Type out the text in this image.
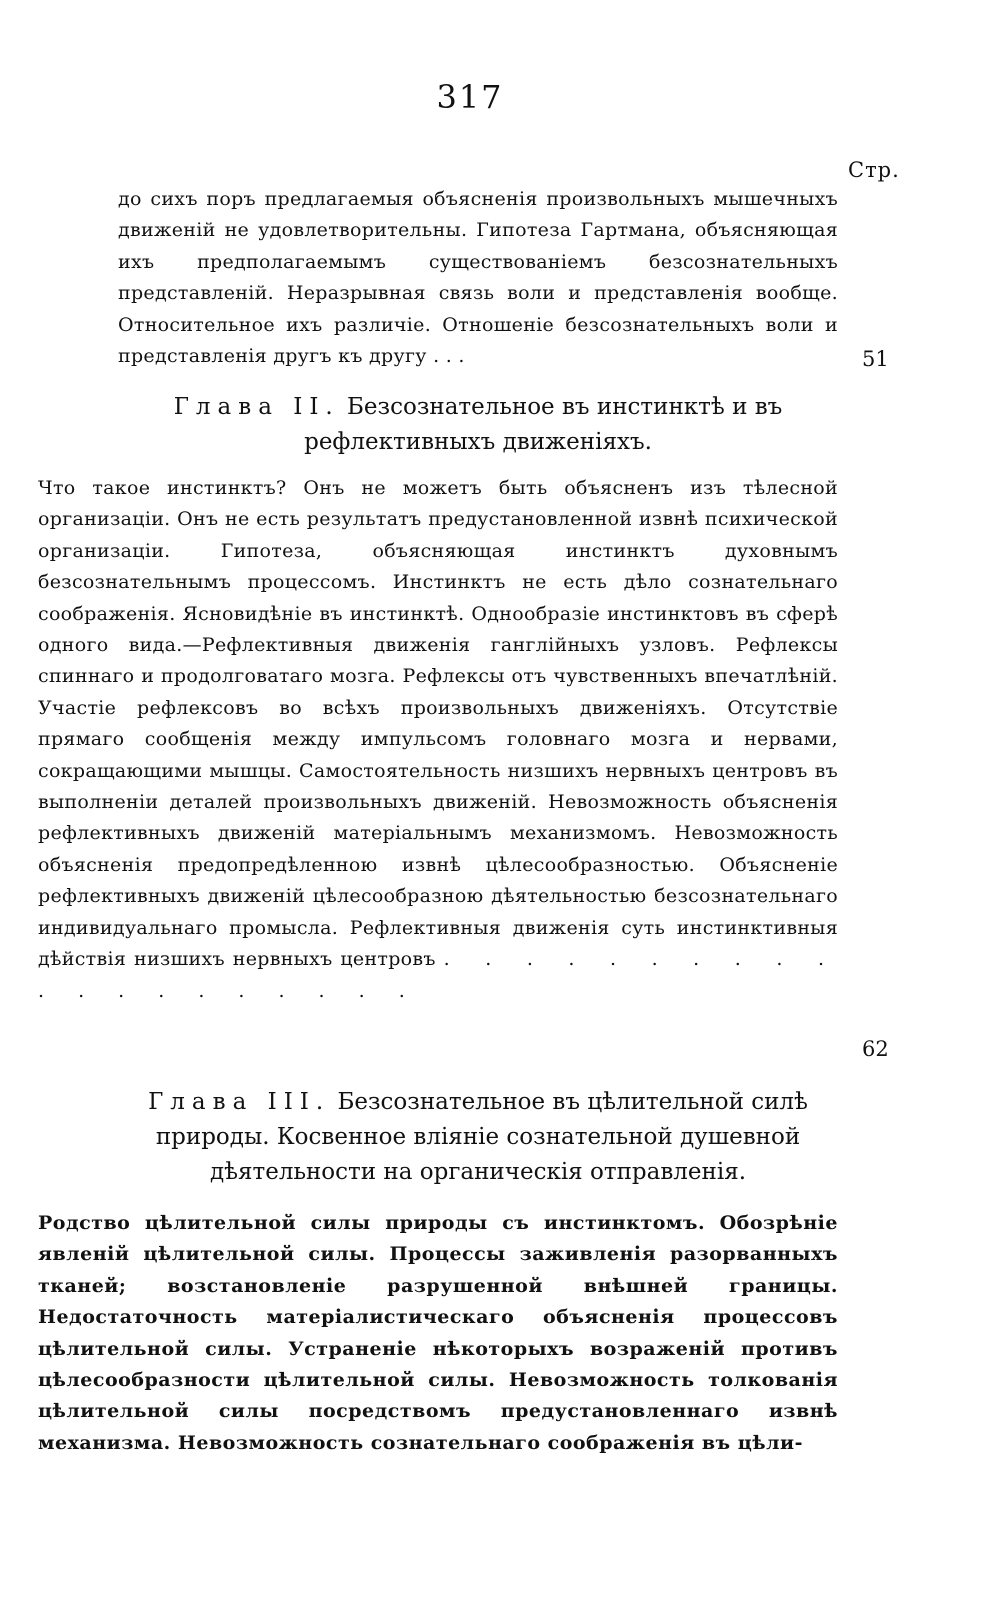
317
Стр.
до сихъ поръ предлагаемыя объясненія произвольныхъ мышечныхъ движеній не удовлетворительны. Гипотеза Гартмана, объясняющая ихъ предполагаемымъ существованіемъ безсознательныхъ представленій. Неразрывная связь воли и представленія вообще. Относительное ихъ различіе. Отношеніе безсознательныхъ воли и представленія другъ къ другу . . .	51
Глава II. Безсознательное въ инстинктѣ и въ рефлективныхъ движеніяхъ.
Что такое инстинктъ? Онъ не можетъ быть объясненъ изъ тѣлесной организаціи. Онъ не есть результатъ предустановленной извнѣ психической организаціи. Гипотеза, объясняющая инстинктъ духовнымъ безсознательнымъ процессомъ. Инстинктъ не есть дѣло сознательнаго соображенія. Ясновидѣніе въ инстинктѣ. Однообразіе инстинктовъ въ сферѣ одного вида.—Рефлективныя движенія ганглійныхъ узловъ. Рефлексы спиннаго и продолговатаго мозга. Рефлексы отъ чувственныхъ впечатлѣній. Участіе рефлексовъ во всѣхъ произвольныхъ движеніяхъ. Отсутствіе прямаго сообщенія между импульсомъ головнаго мозга и нервами, сокращающими мышцы. Самостоятельность низшихъ нервныхъ центровъ въ выполненіи деталей произвольныхъ движеній. Невозможность объясненія рефлективныхъ движеній матеріальнымъ механизмомъ. Невозможность объясненія предопредѣленною извнѣ цѣлесообразностью. Объясненіе рефлективныхъ движеній цѣлесообразною дѣятельностью безсознательнаго индивидуальнаго промысла. Рефлективныя движенія суть инстинктивныя дѣйствія низшихъ нервныхъ центровъ . . . . . . . . . . . . . . . . . . . .
62
Глава III. Безсознательное въ цѣлительной силѣ природы. Косвенное вліяніе сознательной душевной дѣятельности на органическія отправленія.
Родство цѣлительной силы природы съ инстинктомъ. Обозрѣніе явленій цѣлительной силы. Процессы заживленія разорванныхъ тканей; возстановленіе разрушенной внѣшней границы. Недостаточность матеріалистическаго объясненія процессовъ цѣлительной силы. Устраненіе нѣкоторыхъ возраженій противъ цѣлесообразности цѣлительной силы. Невозможность толкованія цѣлительной силы посредствомъ предустановленнаго извнѣ механизма. Невозможность сознательнаго соображенія въ цѣли-
